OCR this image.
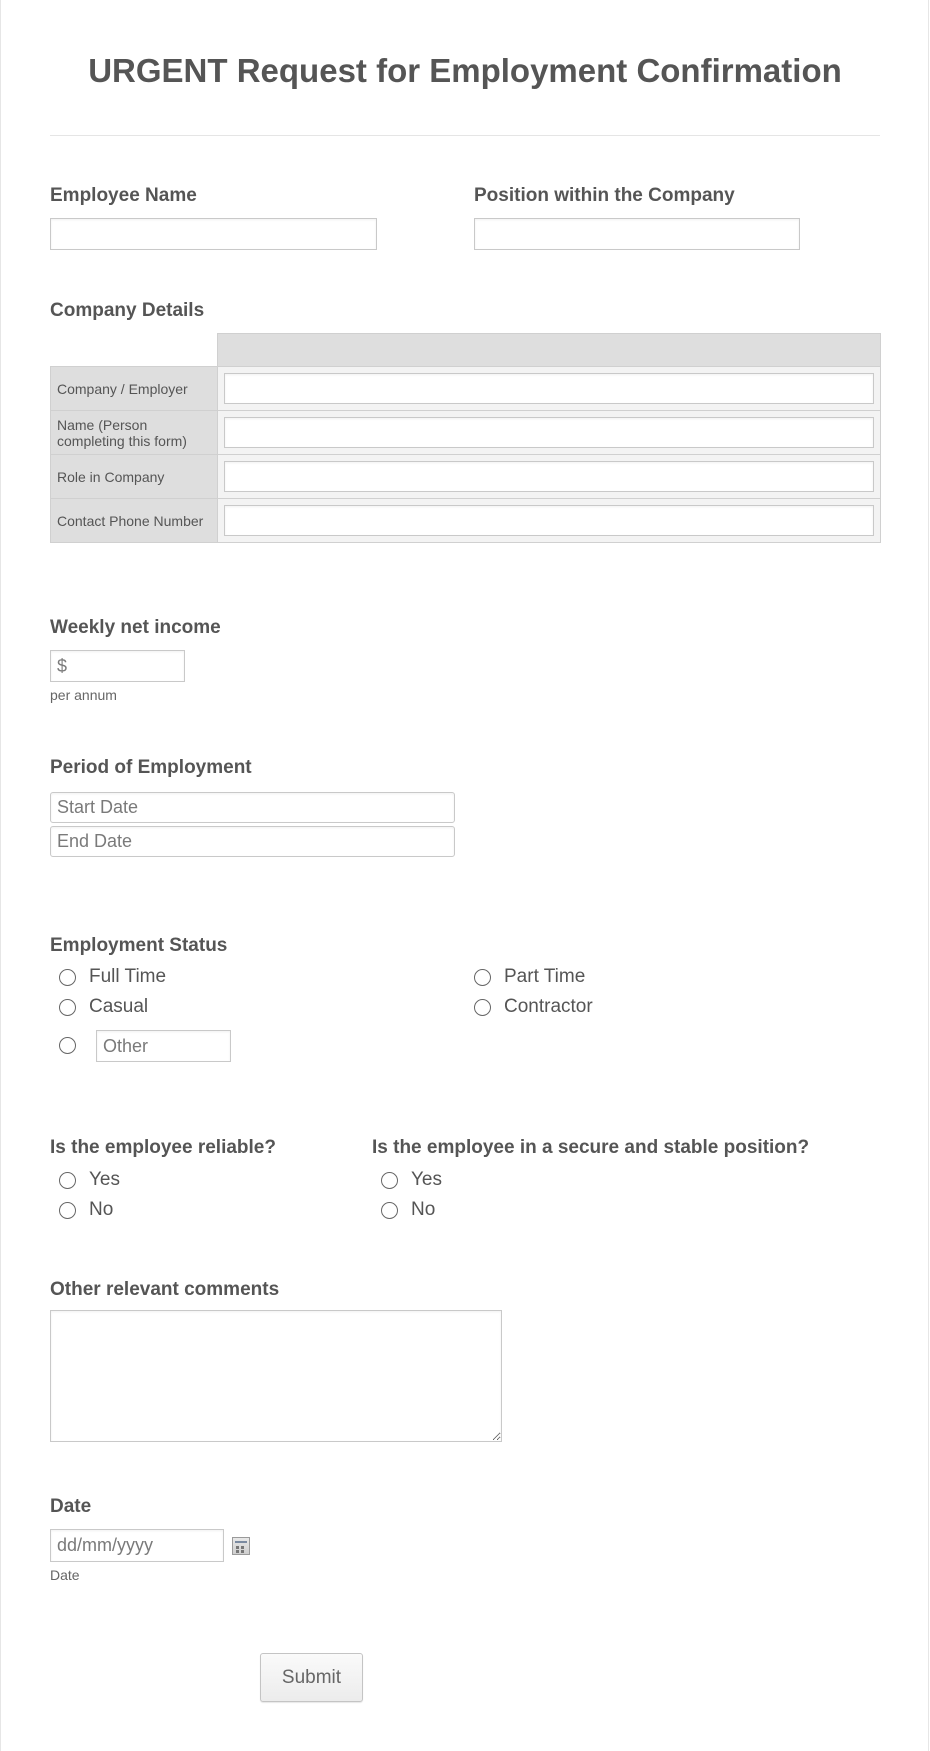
URGENT Request for Employment Confirmation
Employee Name	Position within the Company
Company Details

Company / Employer	

Name (Person completing this form)	

Role in Company	

Contact Phone Number	
Weekly net income
$
per annum
Period of Employment
Start Date
End Date
Employment Status
Full Time	Part Time
Casual	Contractor
Other
Is the employee reliable?
Yes
No
Is the employee in a secure and stable position?
Yes
No
Other relevant comments
Date
dd/mm/yyyy
Date
Submit
